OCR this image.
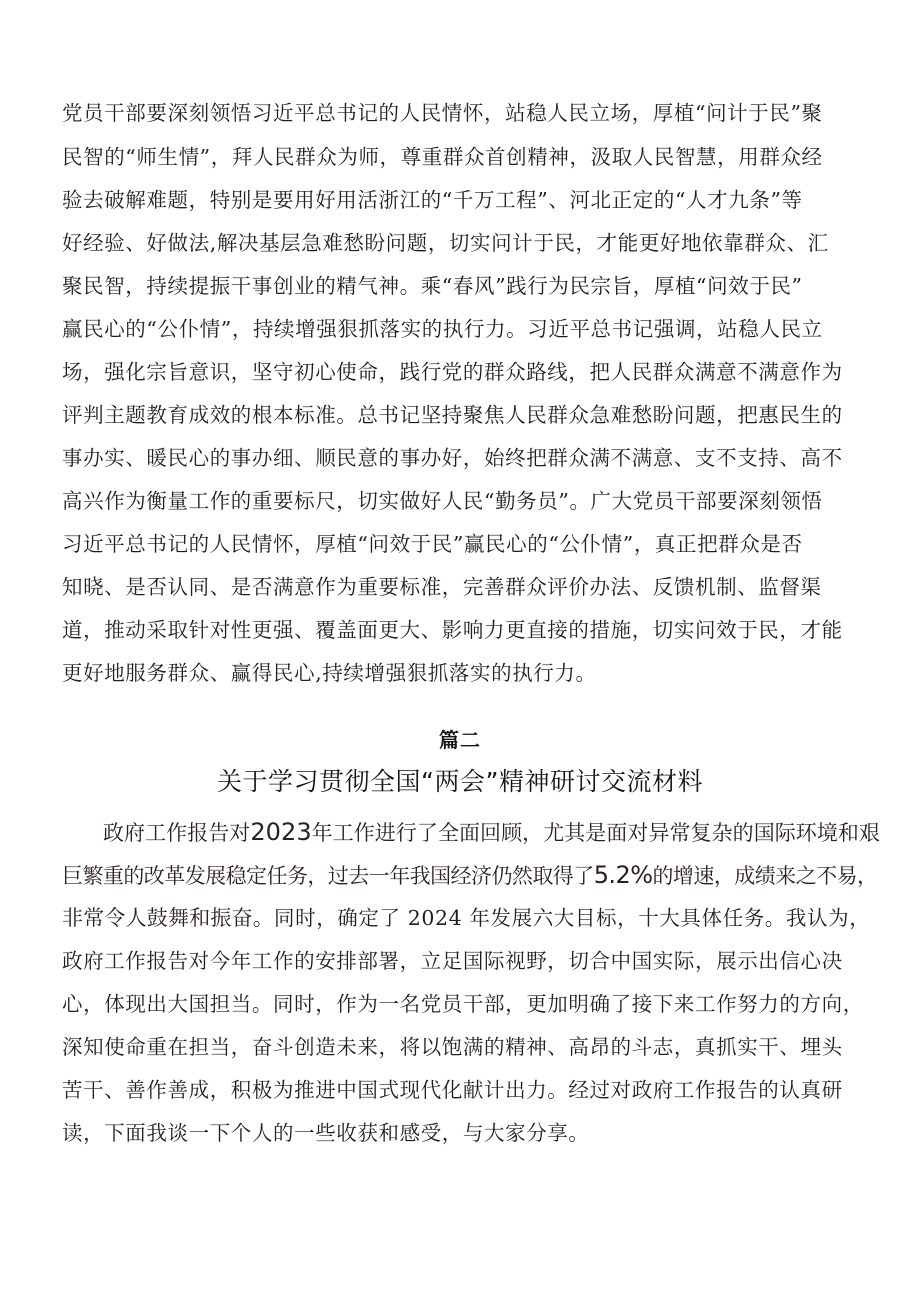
党员干部要深刻领悟习近平总书记的人民情怀，站稳人民立场，厚植“问计于民”聚
民智的“师生情”，拜人民群众为师，尊重群众首创精神，汲取人民智慧，用群众经
验去破解难题，特别是要用好用活浙江的“千万工程”、河北正定的“人才九条”等
好经验、好做法,解决基层急难愁盼问题，切实问计于民，才能更好地依靠群众、汇
聚民智，持续提振干事创业的精气神。乘“春风”践行为民宗旨，厚植“问效于民”
赢民心的“公仆情”，持续增强狠抓落实的执行力。习近平总书记强调，站稳人民立
场，强化宗旨意识，坚守初心使命，践行党的群众路线，把人民群众满意不满意作为
评判主题教育成效的根本标准。总书记坚持聚焦人民群众急难愁盼问题，把惠民生的
事办实、暖民心的事办细、顺民意的事办好，始终把群众满不满意、支不支持、高不
高兴作为衡量工作的重要标尺，切实做好人民“勤务员”。广大党员干部要深刻领悟
习近平总书记的人民情怀，厚植“问效于民”赢民心的“公仆情”，真正把群众是否
知晓、是否认同、是否满意作为重要标准，完善群众评价办法、反馈机制、监督渠
道，推动采取针对性更强、覆盖面更大、影响力更直接的措施，切实问效于民，才能
更好地服务群众、赢得民心,持续增强狠抓落实的执行力。
篇二
关于学习贯彻全国“两会”精神研讨交流材料
政府工作报告对2023年工作进行了全面回顾，尤其是面对异常复杂的国际环境和艰
巨繁重的改革发展稳定任务，过去一年我国经济仍然取得了5.2%的增速，成绩来之不易，
非常令人鼓舞和振奋。同时，确定了 2024 年发展六大目标，十大具体任务。我认为，
政府工作报告对今年工作的安排部署，立足国际视野，切合中国实际，展示出信心决
心，体现出大国担当。同时，作为一名党员干部，更加明确了接下来工作努力的方向，
深知使命重在担当，奋斗创造未来，将以饱满的精神、高昂的斗志，真抓实干、埋头
苦干、善作善成，积极为推进中国式现代化献计出力。经过对政府工作报告的认真研
读，下面我谈一下个人的一些收获和感受，与大家分享。
